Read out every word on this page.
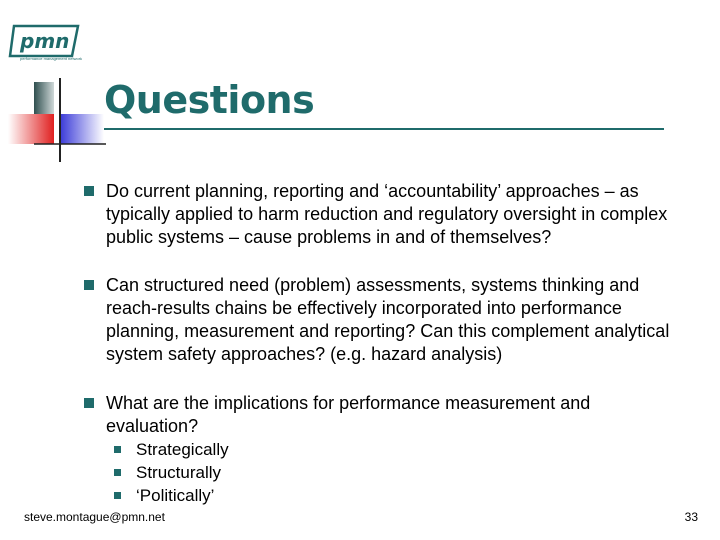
pmn
performance management network
Questions
Do current planning, reporting and ‘accountability’ approaches – as typically applied to harm reduction and regulatory oversight in complex public systems – cause problems in and of themselves?
Can structured need (problem) assessments, systems thinking and reach-results chains be effectively incorporated into performance planning, measurement and reporting? Can this complement analytical system safety approaches? (e.g. hazard analysis)
What are the implications for performance measurement and evaluation?
Strategically
Structurally
‘Politically’
steve.montague@pmn.net	33
